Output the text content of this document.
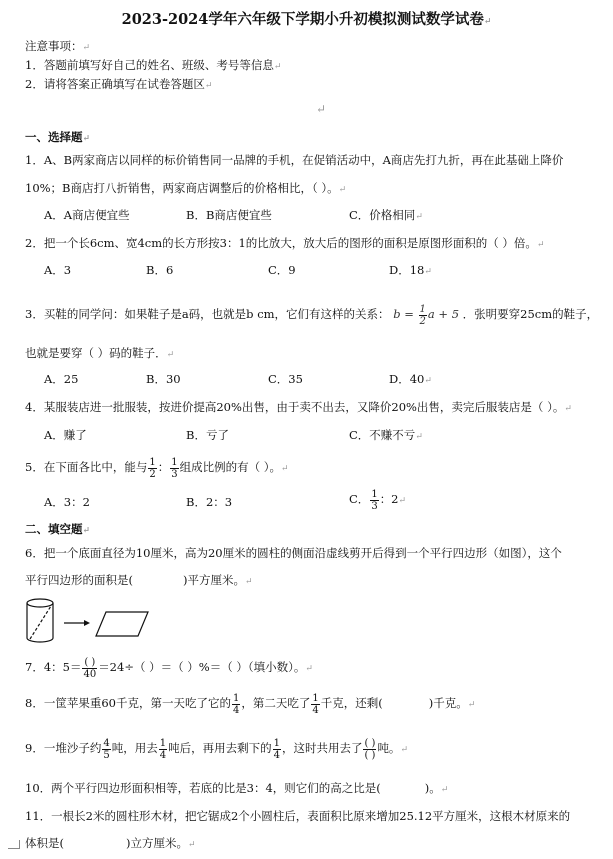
2023-2024学年六年级下学期小升初模拟测试数学试卷↵
注意事项：↵
1．答题前填写好自己的姓名、班级、考号等信息↵
2．请将答案正确填写在试卷答题区↵
↵
一、选择题↵
1．A、B两家商店以同样的标价销售同一品牌的手机，在促销活动中，A商店先打九折，再在此基础上降价
10%；B商店打八折销售，两家商店调整后的价格相比，（ ）。↵
A．A商店便宜些	B．B商店便宜些	C．价格相同↵
2．把一个长6cm、宽4cm的长方形按3：1的比放大，放大后的图形的面积是原图形面积的（ ）倍。↵
A．3	B．6	C．9	D．18↵
3．买鞋的同学问：如果鞋子是a码，也就是b cm，它们有这样的关系： $b = \frac{1}{2}$ a + 5 ．张明要穿25cm的鞋子，
也就是要穿（ ）码的鞋子．↵
A．25	B．30	C．35	D．40↵
4．某服装店进一批服装，按进价提高20%出售，由于卖不出去，又降价20%出售，卖完后服装店是（ ）。↵
A．赚了	B．亏了	C．不赚不亏↵
5．在下面各比中，能与 $\frac{1}{2}$ ： $\frac{1}{3}$ 组成比例的有（ ）。↵
A．3：2	B．2：3	C． $\frac{1}{3}$ ：2↵
二、填空题↵
6．把一个底面直径为10厘米，高为20厘米的圆柱的侧面沿虚线剪开后得到一个平行四边形（如图），这个
平行四边形的面积是(	)平方厘米。↵
7．4：$5= \frac{( )}{40} =24\div$（ ）＝（ ）%＝（ ）（填小数）。↵
8．一筐苹果重60千克，第一天吃了它的 $\frac{1}{4}$ ，第二天吃了 $\frac{1}{4}$ 千克，还剩(	)千克。↵
9．一堆沙子约 $\frac{4}{5}$ 吨，用去 $\frac{1}{4}$ 吨后，再用去剩下的 $\frac{1}{4}$ ，这时共用去了 $\frac{( )}{( )}$ 吨。↵
10．两个平行四边形面积相等，若底的比是3：4，则它们的高之比是(	)。↵
11．一根长2米的圆柱形木材，把它锯成2个小圆柱后，表面积比原来增加25.12平方厘米，这根木材原来的
体积是(	)立方厘米。↵
